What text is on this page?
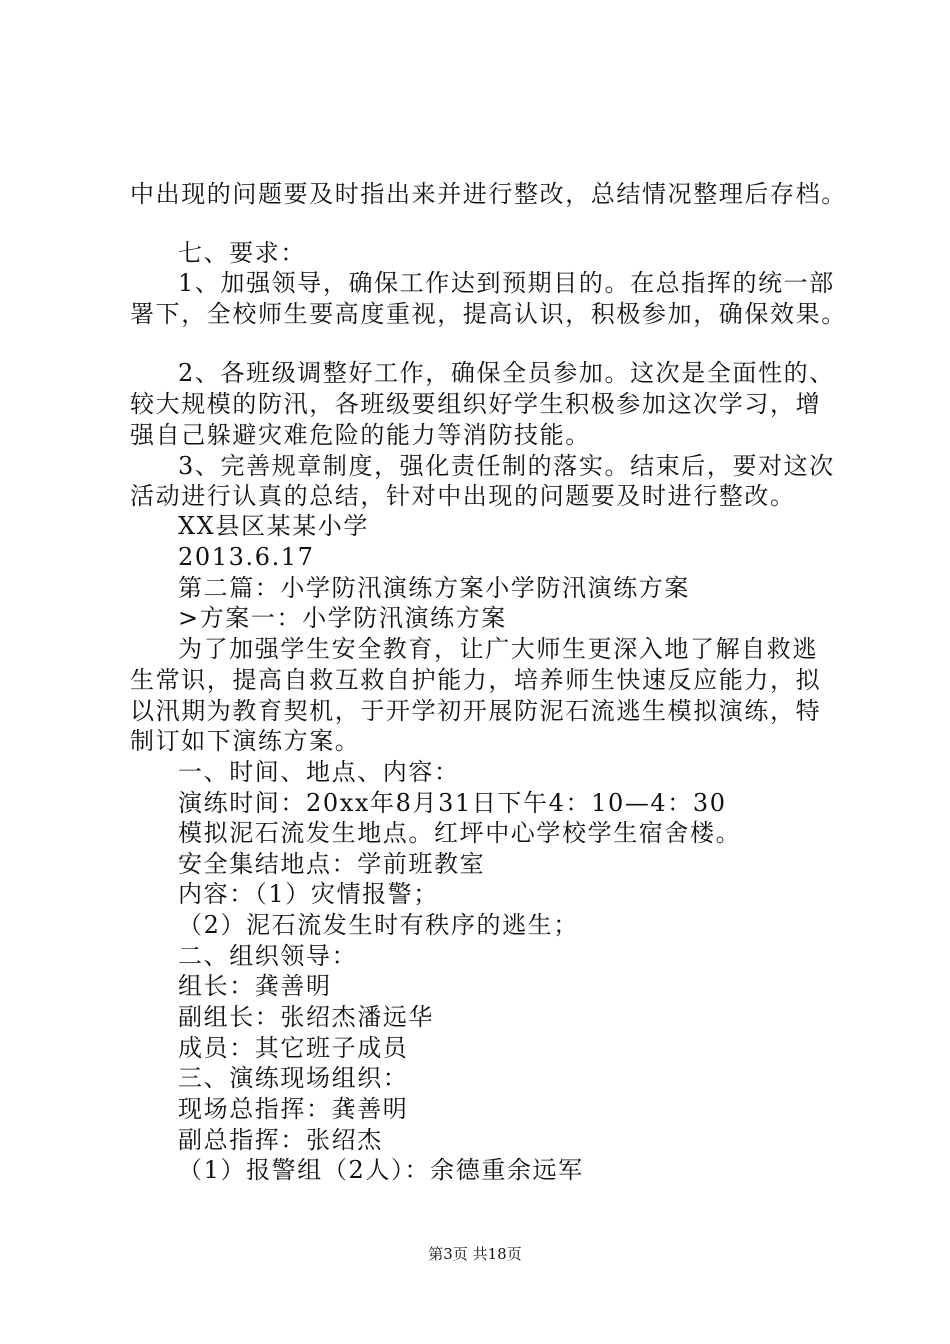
中出现的问题要及时指出来并进行整改，总结情况整理后存档。
七、要求：
1、加强领导，确保工作达到预期目的。在总指挥的统一部
署下，全校师生要高度重视，提高认识，积极参加，确保效果。
2、各班级调整好工作，确保全员参加。这次是全面性的、
较大规模的防汛，各班级要组织好学生积极参加这次学习，增
强自己躲避灾难危险的能力等消防技能。
3、完善规章制度，强化责任制的落实。结束后，要对这次
活动进行认真的总结，针对中出现的问题要及时进行整改。
XX县区某某小学
2013.6.17
第二篇：小学防汛演练方案小学防汛演练方案
>方案一：小学防汛演练方案
为了加强学生安全教育，让广大师生更深入地了解自救逃
生常识，提高自救互救自护能力，培养师生快速反应能力，拟
以汛期为教育契机，于开学初开展防泥石流逃生模拟演练，特
制订如下演练方案。
一、时间、地点、内容：
演练时间：20xx年8月31日下午4：10—4：30
模拟泥石流发生地点。红坪中心学校学生宿舍楼。
安全集结地点：学前班教室
内容：（1）灾情报警；
（2）泥石流发生时有秩序的逃生；
二、组织领导：
组长：龚善明
副组长：张绍杰潘远华
成员：其它班子成员
三、演练现场组织：
现场总指挥：龚善明
副总指挥：张绍杰
（1）报警组（2人）：余德重余远军
第3页 共18页
